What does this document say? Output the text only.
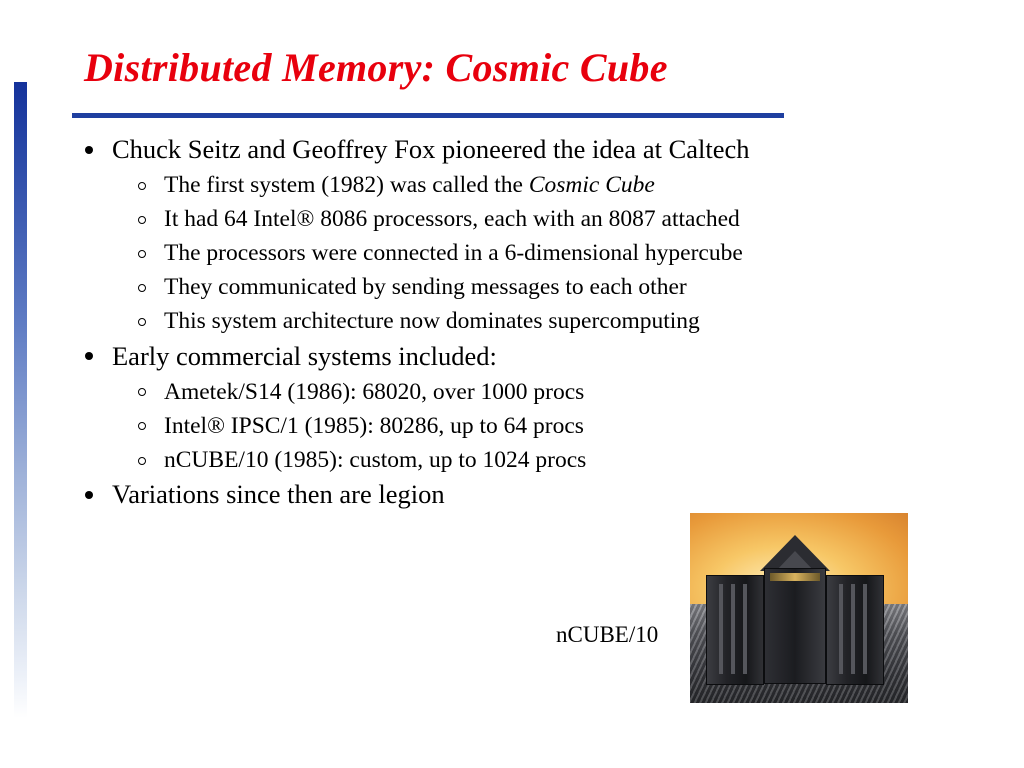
Distributed Memory: Cosmic Cube

Chuck Seitz and Geoffrey Fox pioneered the idea at Caltech

The first system (1982) was called the Cosmic Cube

It had 64 Intel® 8086 processors, each with an 8087 attached

The processors were connected in a 6-dimensional hypercube

They communicated by sending messages to each other

This system architecture now dominates supercomputing

Early commercial systems included:

Ametek/S14 (1986): 68020, over 1000 procs

Intel® IPSC/1 (1985): 80286, up to 64 procs

nCUBE/10 (1985): custom, up to 1024 procs

Variations since then are legion

nCUBE/10
